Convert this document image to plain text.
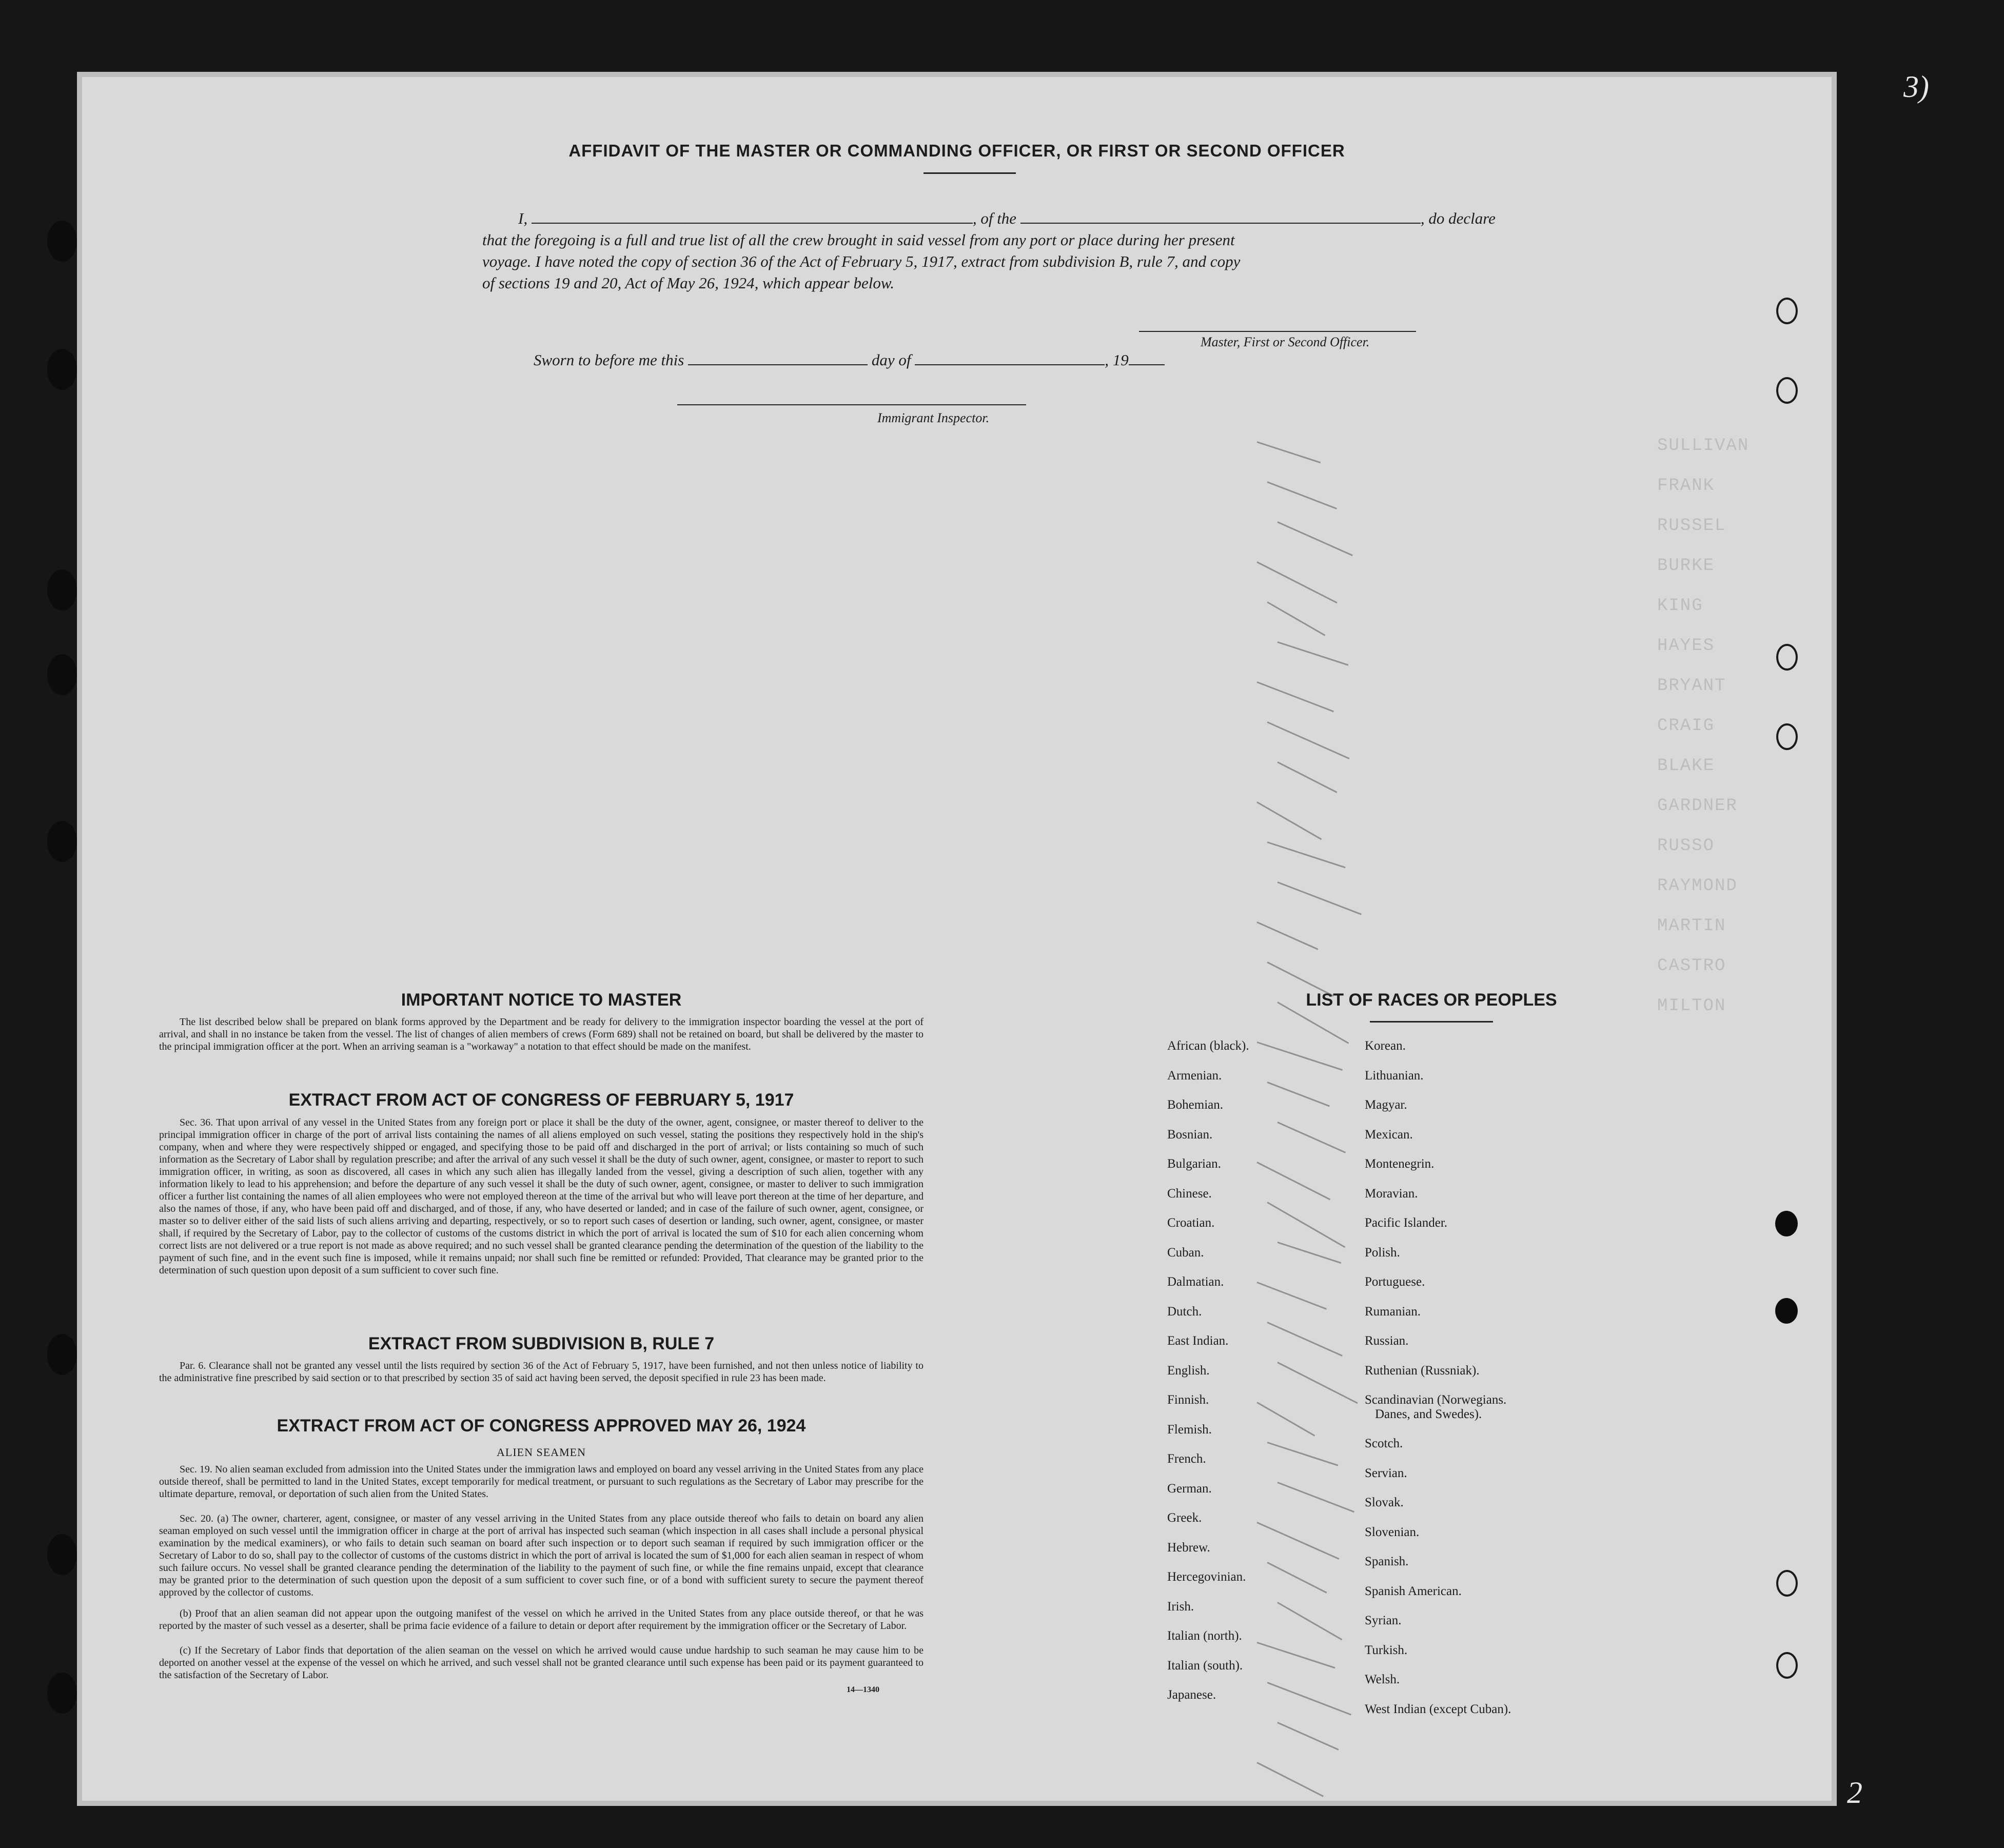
SULLIVAN
FRANK
RUSSEL
BURKE
KING
HAYES
BRYANT
CRAIG
BLAKE
GARDNER
RUSSO
RAYMOND
MARTIN
CASTRO
MILTON
AFFIDAVIT OF THE MASTER OR COMMANDING OFFICER, OR FIRST OR SECOND OFFICER
I,	, of the	, do declare
that the foregoing is a full and true list of all the crew brought in said vessel from any port or place during her present
voyage. I have noted the copy of section 36 of the Act of February 5, 1917, extract from subdivision B, rule 7, and copy
of sections 19 and 20, Act of May 26, 1924, which appear below.
Master, First or Second Officer.
Sworn to before me this	day of	, 19
Immigrant Inspector.
IMPORTANT NOTICE TO MASTER
The list described below shall be prepared on blank forms approved by the Department and be ready for delivery to the immigration inspector boarding the vessel at the port of arrival, and shall in no instance be taken from the vessel. The list of changes of alien members of crews (Form 689) shall not be retained on board, but shall be delivered by the master to the principal immigration officer at the port. When an arriving seaman is a "workaway" a notation to that effect should be made on the manifest.
EXTRACT FROM ACT OF CONGRESS OF FEBRUARY 5, 1917
Sec. 36. That upon arrival of any vessel in the United States from any foreign port or place it shall be the duty of the owner, agent, consignee, or master thereof to deliver to the principal immigration officer in charge of the port of arrival lists containing the names of all aliens employed on such vessel, stating the positions they respectively hold in the ship's company, when and where they were respectively shipped or engaged, and specifying those to be paid off and discharged in the port of arrival; or lists containing so much of such information as the Secretary of Labor shall by regulation prescribe; and after the arrival of any such vessel it shall be the duty of such owner, agent, consignee, or master to report to such immigration officer, in writing, as soon as discovered, all cases in which any such alien has illegally landed from the vessel, giving a description of such alien, together with any information likely to lead to his apprehension; and before the departure of any such vessel it shall be the duty of such owner, agent, consignee, or master to deliver to such immigration officer a further list containing the names of all alien employees who were not employed thereon at the time of the arrival but who will leave port thereon at the time of her departure, and also the names of those, if any, who have been paid off and discharged, and of those, if any, who have deserted or landed; and in case of the failure of such owner, agent, consignee, or master so to deliver either of the said lists of such aliens arriving and departing, respectively, or so to report such cases of desertion or landing, such owner, agent, consignee, or master shall, if required by the Secretary of Labor, pay to the collector of customs of the customs district in which the port of arrival is located the sum of $10 for each alien concerning whom correct lists are not delivered or a true report is not made as above required; and no such vessel shall be granted clearance pending the determination of the question of the liability to the payment of such fine, and in the event such fine is imposed, while it remains unpaid; nor shall such fine be remitted or refunded: Provided, That clearance may be granted prior to the determination of such question upon deposit of a sum sufficient to cover such fine.
EXTRACT FROM SUBDIVISION B, RULE 7
Par. 6. Clearance shall not be granted any vessel until the lists required by section 36 of the Act of February 5, 1917, have been furnished, and not then unless notice of liability to the administrative fine prescribed by said section or to that prescribed by section 35 of said act having been served, the deposit specified in rule 23 has been made.
EXTRACT FROM ACT OF CONGRESS APPROVED MAY 26, 1924
ALIEN SEAMEN
Sec. 19. No alien seaman excluded from admission into the United States under the immigration laws and employed on board any vessel arriving in the United States from any place outside thereof, shall be permitted to land in the United States, except temporarily for medical treatment, or pursuant to such regulations as the Secretary of Labor may prescribe for the ultimate departure, removal, or deportation of such alien from the United States.
Sec. 20. (a) The owner, charterer, agent, consignee, or master of any vessel arriving in the United States from any place outside thereof who fails to detain on board any alien seaman employed on such vessel until the immigration officer in charge at the port of arrival has inspected such seaman (which inspection in all cases shall include a personal physical examination by the medical examiners), or who fails to detain such seaman on board after such inspection or to deport such seaman if required by such immigration officer or the Secretary of Labor to do so, shall pay to the collector of customs of the customs district in which the port of arrival is located the sum of $1,000 for each alien seaman in respect of whom such failure occurs. No vessel shall be granted clearance pending the determination of the liability to the payment of such fine, or while the fine remains unpaid, except that clearance may be granted prior to the determination of such question upon the deposit of a sum sufficient to cover such fine, or of a bond with sufficient surety to secure the payment thereof approved by the collector of customs.
(b) Proof that an alien seaman did not appear upon the outgoing manifest of the vessel on which he arrived in the United States from any place outside thereof, or that he was reported by the master of such vessel as a deserter, shall be prima facie evidence of a failure to detain or deport after requirement by the immigration officer or the Secretary of Labor.
(c) If the Secretary of Labor finds that deportation of the alien seaman on the vessel on which he arrived would cause undue hardship to such seaman he may cause him to be deported on another vessel at the expense of the vessel on which he arrived, and such vessel shall not be granted clearance until such expense has been paid or its payment guaranteed to the satisfaction of the Secretary of Labor.
14—1340
LIST OF RACES OR PEOPLES
African (black).
Armenian.
Bohemian.
Bosnian.
Bulgarian.
Chinese.
Croatian.
Cuban.
Dalmatian.
Dutch.
East Indian.
English.
Finnish.
Flemish.
French.
German.
Greek.
Hebrew.
Hercegovinian.
Irish.
Italian (north).
Italian (south).
Japanese.
Korean.
Lithuanian.
Magyar.
Mexican.
Montenegrin.
Moravian.
Pacific Islander.
Polish.
Portuguese.
Rumanian.
Russian.
Ruthenian (Russniak).
Scandinavian (Norwegians.
Danes, and Swedes).
Scotch.
Servian.
Slovak.
Slovenian.
Spanish.
Spanish American.
Syrian.
Turkish.
Welsh.
West Indian (except Cuban).
3)
2
